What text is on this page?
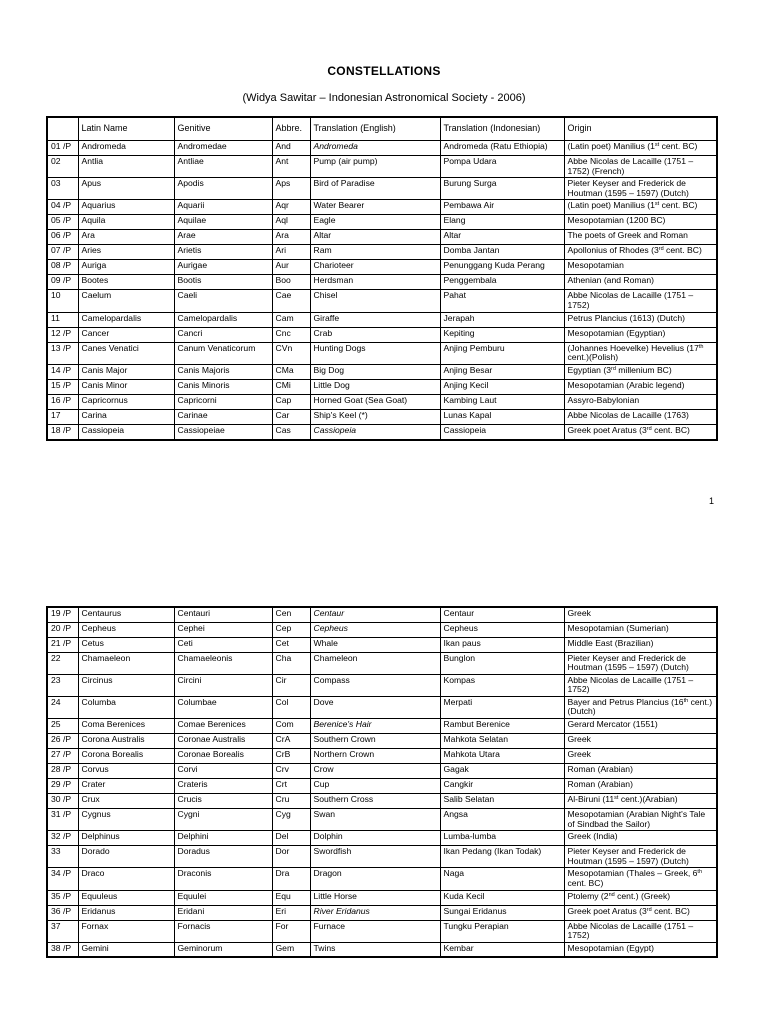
CONSTELLATIONS
(Widya Sawitar – Indonesian Astronomical Society - 2006)
	Latin Name	Genitive	Abbre.	Translation (English)	Translation (Indonesian)	Origin
01 /P	Andromeda	Andromedae	And	Andromeda	Andromeda (Ratu Ethiopia)	(Latin poet) Manilius (1st cent. BC)
02	Antlia	Antliae	Ant	Pump (air pump)	Pompa Udara	Abbe Nicolas de Lacaille (1751 – 1752) (French)
03	Apus	Apodis	Aps	Bird of Paradise	Burung Surga	Pieter Keyser and Frederick de Houtman (1595 – 1597) (Dutch)
04 /P	Aquarius	Aquarii	Aqr	Water Bearer	Pembawa Air	(Latin poet) Manilius (1st cent. BC)
05 /P	Aquila	Aquilae	Aql	Eagle	Elang	Mesopotamian (1200 BC)
06 /P	Ara	Arae	Ara	Altar	Altar	The poets of Greek and Roman
07 /P	Aries	Arietis	Ari	Ram	Domba Jantan	Apollonius of Rhodes (3rd cent. BC)
08 /P	Auriga	Aurigae	Aur	Charioteer	Penunggang Kuda Perang	Mesopotamian
09 /P	Bootes	Bootis	Boo	Herdsman	Penggembala	Athenian (and Roman)
10	Caelum	Caeli	Cae	Chisel	Pahat	Abbe Nicolas de Lacaille (1751 – 1752)
11	Camelopardalis	Camelopardalis	Cam	Giraffe	Jerapah	Petrus Plancius (1613) (Dutch)
12 /P	Cancer	Cancri	Cnc	Crab	Kepiting	Mesopotamian (Egyptian)
13 /P	Canes Venatici	Canum Venaticorum	CVn	Hunting Dogs	Anjing Pemburu	(Johannes Hoevelke) Hevelius (17th cent.)(Polish)
14 /P	Canis Major	Canis Majoris	CMa	Big Dog	Anjing Besar	Egyptian (3rd millenium BC)
15 /P	Canis Minor	Canis Minoris	CMi	Little Dog	Anjing Kecil	Mesopotamian (Arabic legend)
16 /P	Capricornus	Capricorni	Cap	Horned Goat (Sea Goat)	Kambing Laut	Assyro-Babylonian
17	Carina	Carinae	Car	Ship's Keel (*)	Lunas Kapal	Abbe Nicolas de Lacaille (1763)
18 /P	Cassiopeia	Cassiopeiae	Cas	Cassiopeia	Cassiopeia	Greek poet Aratus (3rd cent. BC)
1
19 /P	Centaurus	Centauri	Cen	Centaur	Centaur	Greek
20 /P	Cepheus	Cephei	Cep	Cepheus	Cepheus	Mesopotamian (Sumerian)
21 /P	Cetus	Ceti	Cet	Whale	Ikan paus	Middle East (Brazilian)
22	Chamaeleon	Chamaeleonis	Cha	Chameleon	Bunglon	Pieter Keyser and Frederick de Houtman (1595 – 1597) (Dutch)
23	Circinus	Circini	Cir	Compass	Kompas	Abbe Nicolas de Lacaille (1751 – 1752)
24	Columba	Columbae	Col	Dove	Merpati	Bayer and Petrus Plancius (16th cent.) (Dutch)
25	Coma Berenices	Comae Berenices	Com	Berenice's Hair	Rambut Berenice	Gerard Mercator (1551)
26 /P	Corona Australis	Coronae Australis	CrA	Southern Crown	Mahkota Selatan	Greek
27 /P	Corona Borealis	Coronae Borealis	CrB	Northern Crown	Mahkota Utara	Greek
28 /P	Corvus	Corvi	Crv	Crow	Gagak	Roman (Arabian)
29 /P	Crater	Crateris	Crt	Cup	Cangkir	Roman (Arabian)
30 /P	Crux	Crucis	Cru	Southern Cross	Salib Selatan	Al-Biruni (11st cent.)(Arabian)
31 /P	Cygnus	Cygni	Cyg	Swan	Angsa	Mesopotamian (Arabian Night's Tale of Sindbad the Sailor)
32 /P	Delphinus	Delphini	Del	Dolphin	Lumba-lumba	Greek (India)
33	Dorado	Doradus	Dor	Swordfish	Ikan Pedang (Ikan Todak)	Pieter Keyser and Frederick de Houtman (1595 – 1597) (Dutch)
34 /P	Draco	Draconis	Dra	Dragon	Naga	Mesopotamian (Thales – Greek, 6th cent. BC)
35 /P	Equuleus	Equulei	Equ	Little Horse	Kuda Kecil	Ptolemy (2nd cent.) (Greek)
36 /P	Eridanus	Eridani	Eri	River Eridanus	Sungai Eridanus	Greek poet Aratus (3rd cent. BC)
37	Fornax	Fornacis	For	Furnace	Tungku Perapian	Abbe Nicolas de Lacaille (1751 – 1752)
38 /P	Gemini	Geminorum	Gem	Twins	Kembar	Mesopotamian (Egypt)
